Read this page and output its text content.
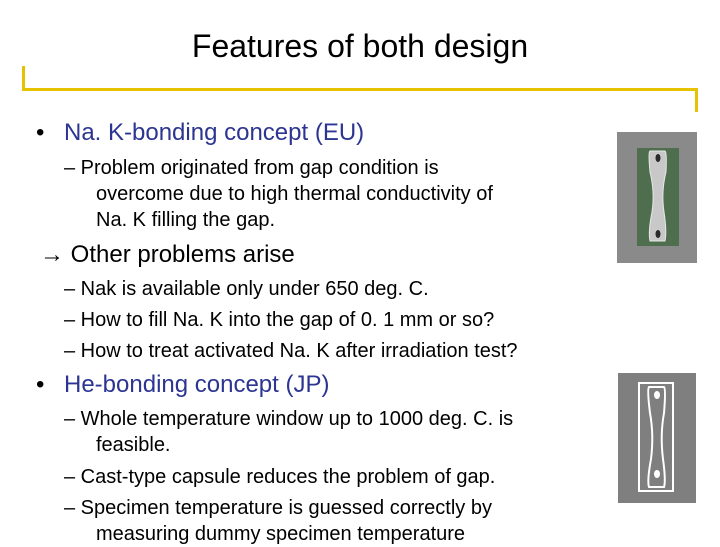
Features of both design
• Na. K-bonding concept (EU)
– Problem originated from gap condition is
overcome due to high thermal conductivity of
Na. K filling the gap.
→ Other problems arise
– Nak is available only under 650 deg. C.
– How to fill Na. K into the gap of 0. 1 mm or so?
– How to treat activated Na. K after irradiation test?
• He-bonding concept (JP)
– Whole temperature window up to 1000 deg. C. is
feasible.
– Cast-type capsule reduces the problem of gap.
– Specimen temperature is guessed correctly by
measuring dummy specimen temperature
